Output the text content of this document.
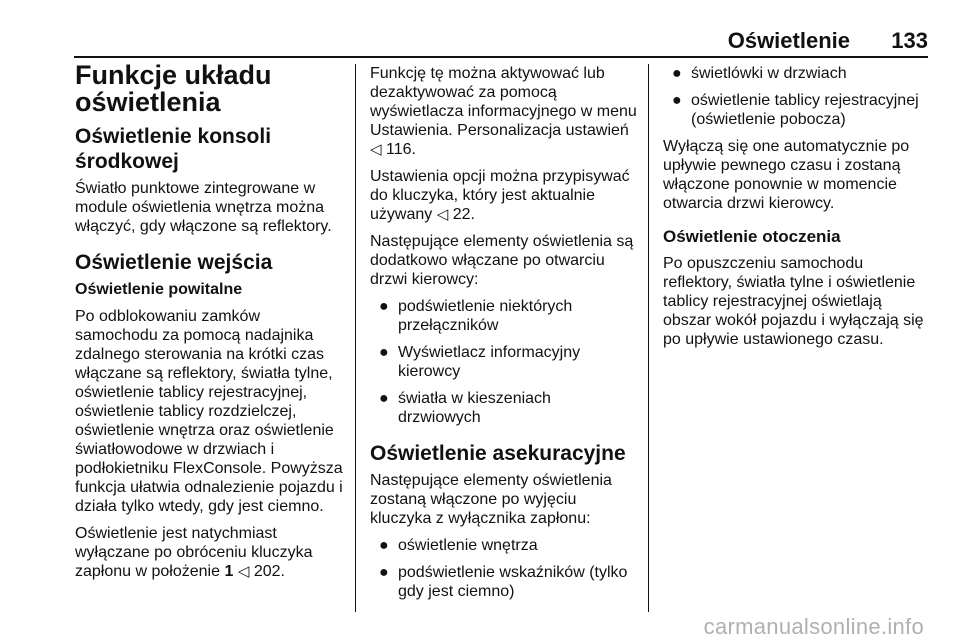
Oświetlenie 133
Funkcje układu oświetlenia
Oświetlenie konsoli środkowej

Światło punktowe zintegrowane w module oświetlenia wnętrza można włączyć, gdy włączone są reflektory.

Oświetlenie wejścia
Oświetlenie powitalne

Po odblokowaniu zamków samochodu za pomocą nadajnika zdalnego sterowania na krótki czas włączane są reflektory, światła tylne, oświetlenie tablicy rejestracyjnej, oświetlenie tablicy rozdzielczej, oświetlenie wnętrza oraz oświetlenie światłowodowe w drzwiach i podłokietniku FlexConsole. Powyższa funkcja ułatwia odnalezienie pojazdu i działa tylko wtedy, gdy jest ciemno.

Oświetlenie jest natychmiast wyłączane po obróceniu kluczyka zapłonu w położenie 1 ◁ 202.

Funkcję tę można aktywować lub dezaktywować za pomocą wyświetlacza informacyjnego w menu Ustawienia. Personalizacja ustawień ◁ 116.

Ustawienia opcji można przypisywać do kluczyka, który jest aktualnie używany ◁ 22.

Następujące elementy oświetlenia są dodatkowo włączane po otwarciu drzwi kierowcy:

● podświetlenie niektórych przełączników
● Wyświetlacz informacyjny kierowcy
● światła w kieszeniach drzwiowych
Oświetlenie asekuracyjne

Następujące elementy oświetlenia zostaną włączone po wyjęciu kluczyka z wyłącznika zapłonu:

● oświetlenie wnętrza
● podświetlenie wskaźników (tylko gdy jest ciemno)
● świetlówki w drzwiach
● oświetlenie tablicy rejestracyjnej (oświetlenie pobocza)

Wyłączą się one automatycznie po upływie pewnego czasu i zostaną włączone ponownie w momencie otwarcia drzwi kierowcy.

Oświetlenie otoczenia

Po opuszczeniu samochodu reflektory, światła tylne i oświetlenie tablicy rejestracyjnej oświetlają obszar wokół pojazdu i wyłączają się po upływie ustawionego czasu.

carmanualsonline.info
